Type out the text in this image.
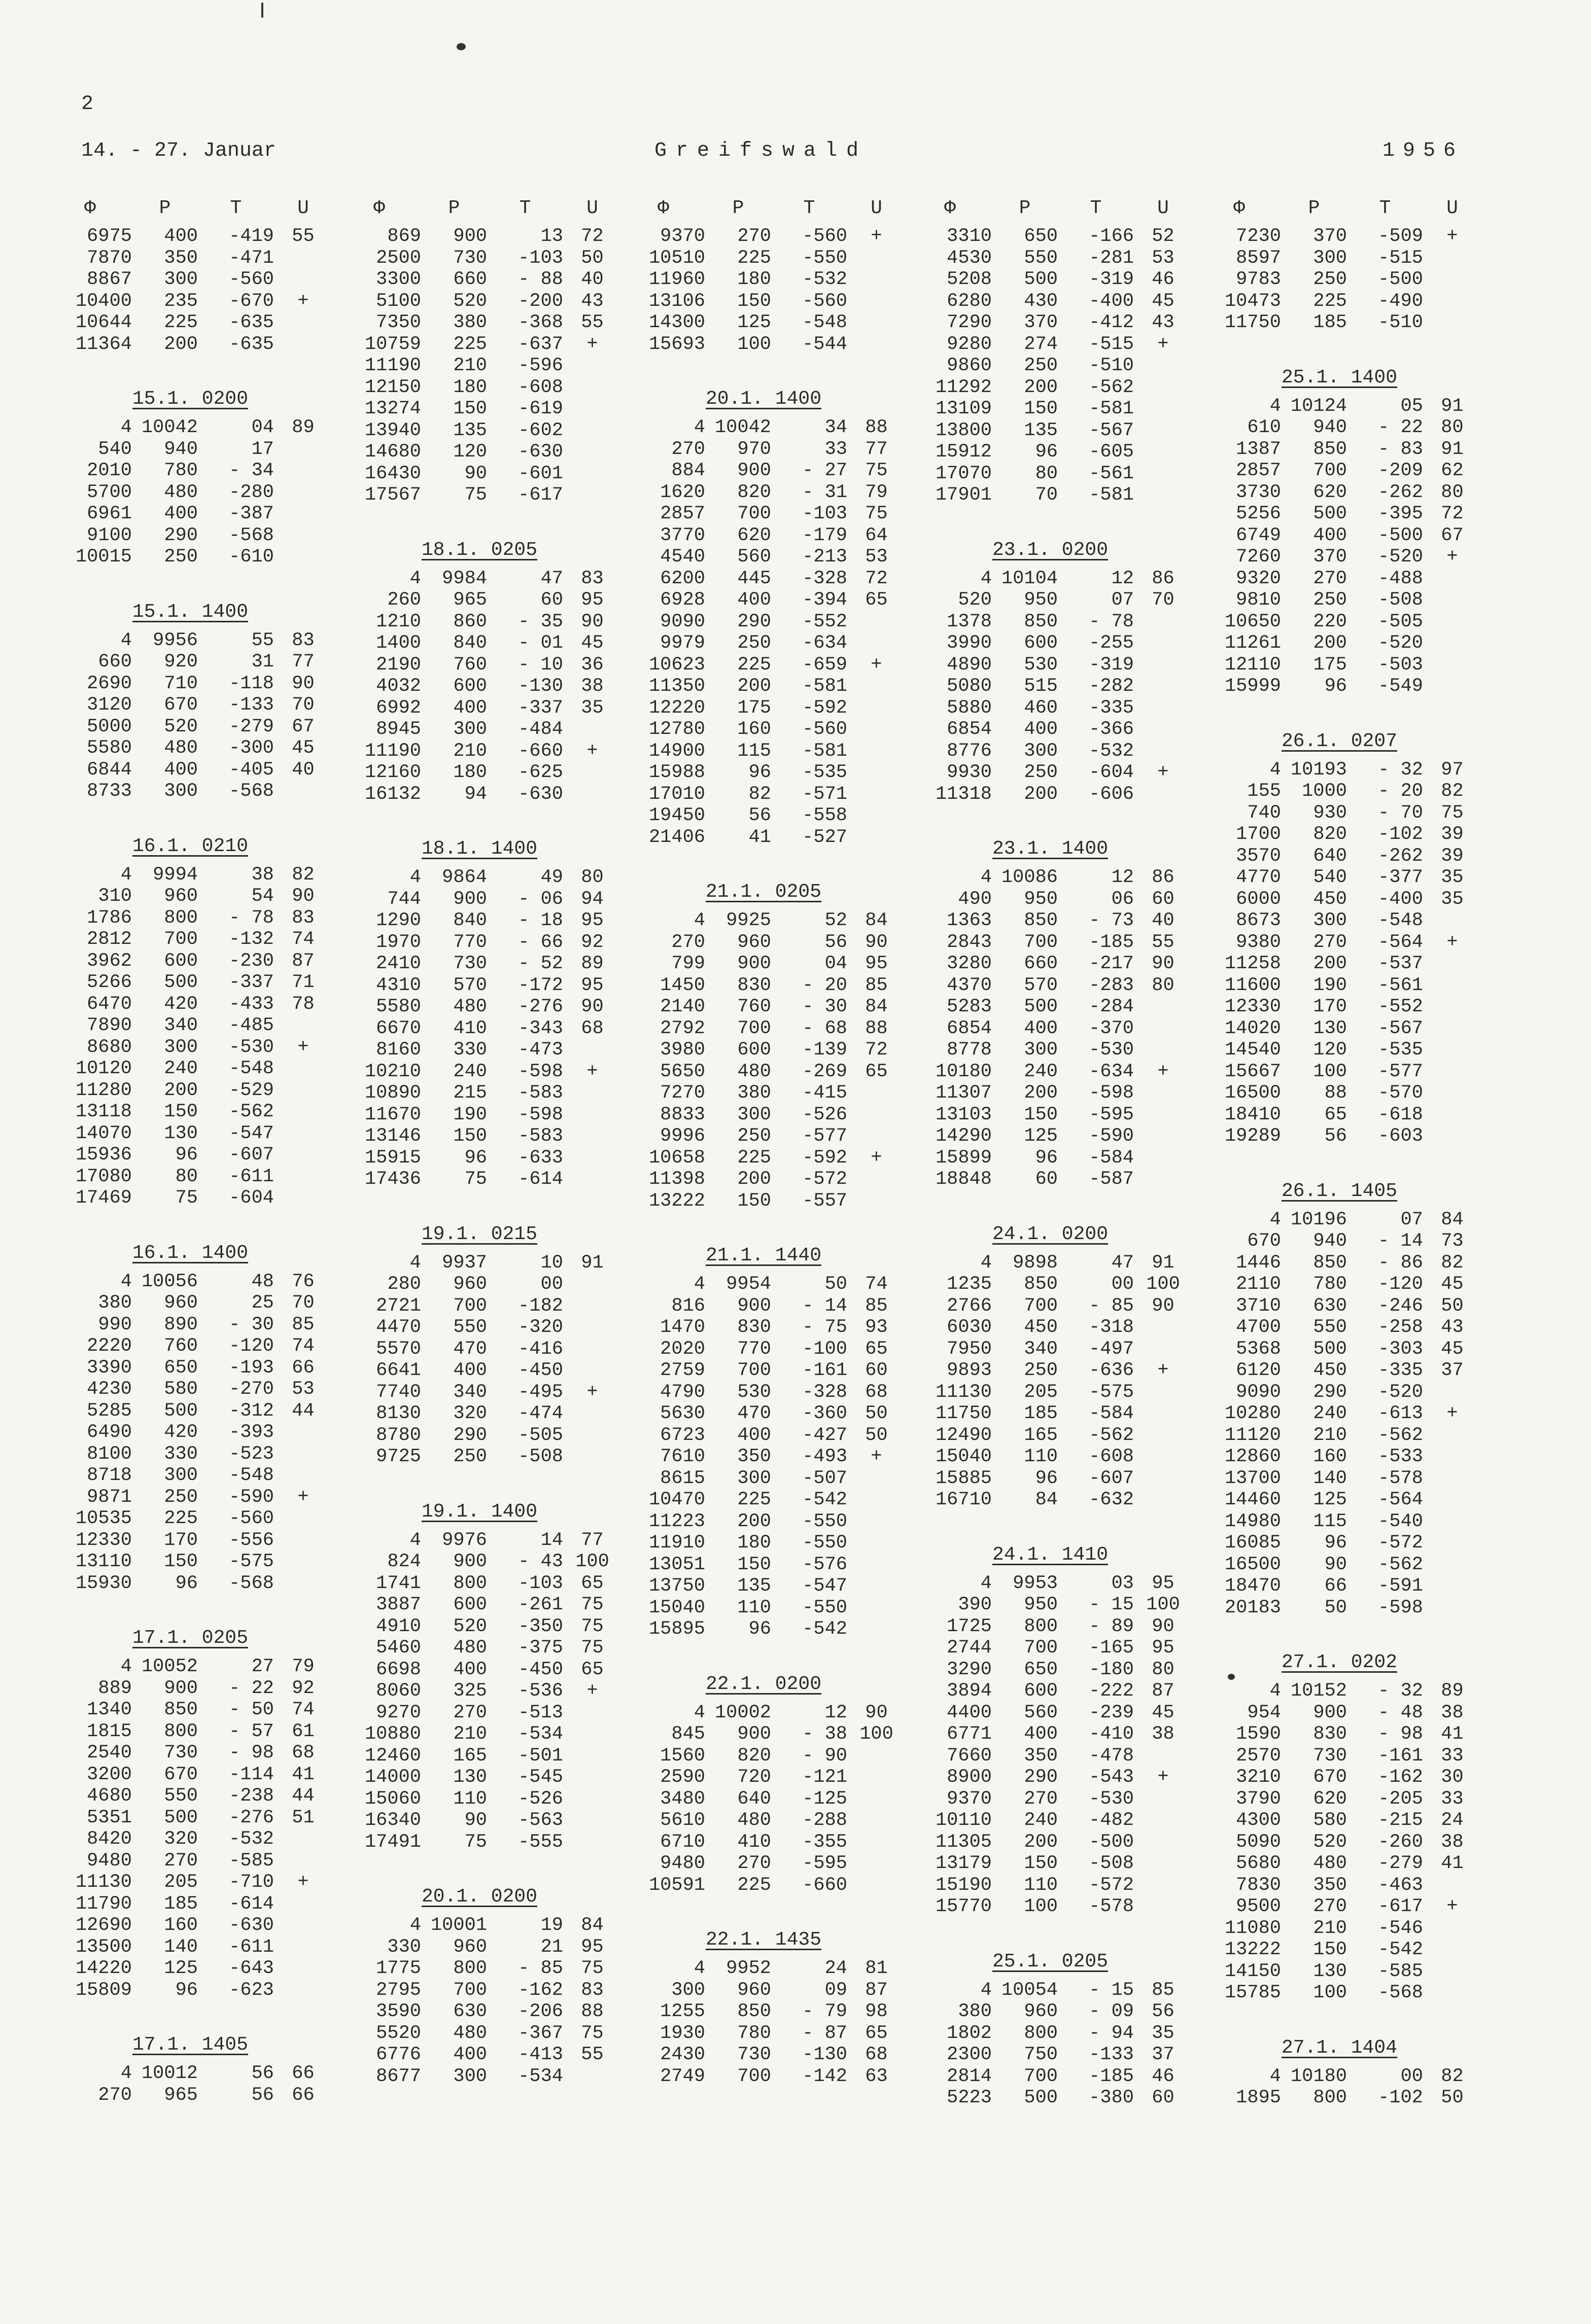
2
14. - 27. Januar	Greifswald	1956
Φ	P	T	U
6975	400	-419 55
7870	350	-471
8867	300	-560
10400	235	-670	+
10644	225	-635
11364	200	-635
15.1. 0200
4 10042	04 89
540	940	17
2010	780	- 34
5700	480	-280
6961	400	-387
9100	290	-568
10015	250	-610
15.1. 1400
4	9956	55 83
660	920	31 77
2690	710	-118 90
3120	670	-133 70
5000	520	-279 67
5580	480	-300 45
6844	400	-405 40
8733	300	-568
16.1. 0210
4	9994	38 82
310	960	54 90
1786	800	- 78 83
2812	700	-132 74
3962	600	-230 87
5266	500	-337 71
6470	420	-433 78
7890	340	-485
8680	300	-530	+
10120	240	-548
11280	200	-529
13118	150	-562
14070	130	-547
15936	96	-607
17080	80	-611
17469	75	-604
16.1. 1400
4 10056	48 76
380	960	25 70
990	890	- 30 85
2220	760	-120 74
3390	650	-193 66
4230	580	-270 53
5285	500	-312 44
6490	420	-393
8100	330	-523
8718	300	-548
9871	250	-590	+
10535	225	-560
12330	170	-556
13110	150	-575
15930	96	-568
17.1. 0205
4 10052	27 79
889	900	- 22 92
1340	850	- 50 74
1815	800	- 57 61
2540	730	- 98 68
3200	670	-114 41
4680	550	-238 44
5351	500	-276 51
8420	320	-532
9480	270	-585
11130	205	-710	+
11790	185	-614
12690	160	-630
13500	140	-611
14220	125	-643
15809	96	-623
17.1. 1405
4 10012	56 66
270	965	56 66
Φ	P	T	U
869	900	13 72
2500	730	-103 50
3300	660	- 88 40
5100	520	-200 43
7350	380	-368 55
10759	225	-637	+
11190	210	-596
12150	180	-608
13274	150	-619
13940	135	-602
14680	120	-630
16430	90	-601
17567	75	-617
18.1. 0205
4	9984	47 83
260	965	60 95
1210	860	- 35 90
1400	840	- 01 45
2190	760	- 10 36
4032	600	-130 38
6992	400	-337 35
8945	300	-484
11190	210	-660	+
12160	180	-625
16132	94	-630
18.1. 1400
4	9864	49 80
744	900	- 06 94
1290	840	- 18 95
1970	770	- 66 92
2410	730	- 52 89
4310	570	-172 95
5580	480	-276 90
6670	410	-343 68
8160	330	-473
10210	240	-598	+
10890	215	-583
11670	190	-598
13146	150	-583
15915	96	-633
17436	75	-614
19.1. 0215
4	9937	10 91
280	960	00
2721	700	-182
4470	550	-320
5570	470	-416
6641	400	-450
7740	340	-495	+
8130	320	-474
8780	290	-505
9725	250	-508
19.1. 1400
4	9976	14 77
824	900	- 43 100
1741	800	-103 65
3887	600	-261 75
4910	520	-350 75
5460	480	-375 75
6698	400	-450 65
8060	325	-536	+
9270	270	-513
10880	210	-534
12460	165	-501
14000	130	-545
15060	110	-526
16340	90	-563
17491	75	-555
20.1. 0200
4 10001	19 84
330	960	21 95
1775	800	- 85 75
2795	700	-162 83
3590	630	-206 88
5520	480	-367 75
6776	400	-413 55
8677	300	-534
Φ	P	T	U
9370	270	-560	+
10510	225	-550
11960	180	-532
13106	150	-560
14300	125	-548
15693	100	-544
20.1. 1400
4 10042	34 88
270	970	33 77
884	900	- 27 75
1620	820	- 31 79
2857	700	-103 75
3770	620	-179 64
4540	560	-213 53
6200	445	-328 72
6928	400	-394 65
9090	290	-552
9979	250	-634
10623	225	-659	+
11350	200	-581
12220	175	-592
12780	160	-560
14900	115	-581
15988	96	-535
17010	82	-571
19450	56	-558
21406	41	-527
21.1. 0205
4	9925	52 84
270	960	56 90
799	900	04 95
1450	830	- 20 85
2140	760	- 30 84
2792	700	- 68 88
3980	600	-139 72
5650	480	-269 65
7270	380	-415
8833	300	-526
9996	250	-577
10658	225	-592	+
11398	200	-572
13222	150	-557
21.1. 1440
4	9954	50 74
816	900	- 14 85
1470	830	- 75 93
2020	770	-100 65
2759	700	-161 60
4790	530	-328 68
5630	470	-360 50
6723	400	-427 50
7610	350	-493	+
8615	300	-507
10470	225	-542
11223	200	-550
11910	180	-550
13051	150	-576
13750	135	-547
15040	110	-550
15895	96	-542
22.1. 0200
4 10002	12 90
845	900	- 38 100
1560	820	- 90
2590	720	-121
3480	640	-125
5610	480	-288
6710	410	-355
9480	270	-595
10591	225	-660
22.1. 1435
4	9952	24 81
300	960	09 87
1255	850	- 79 98
1930	780	- 87 65
2430	730	-130 68
2749	700	-142 63
Φ	P	T	U
3310	650	-166 52
4530	550	-281 53
5208	500	-319 46
6280	430	-400 45
7290	370	-412 43
9280	274	-515	+
9860	250	-510
11292	200	-562
13109	150	-581
13800	135	-567
15912	96	-605
17070	80	-561
17901	70	-581
23.1. 0200
4 10104	12 86
520	950	07 70
1378	850	- 78
3990	600	-255
4890	530	-319
5080	515	-282
5880	460	-335
6854	400	-366
8776	300	-532
9930	250	-604	+
11318	200	-606
23.1. 1400
4 10086	12 86
490	950	06 60
1363	850	- 73 40
2843	700	-185 55
3280	660	-217 90
4370	570	-283 80
5283	500	-284
6854	400	-370
8778	300	-530
10180	240	-634	+
11307	200	-598
13103	150	-595
14290	125	-590
15899	96	-584
18848	60	-587
24.1. 0200
4	9898	47 91
1235	850	00 100
2766	700	- 85 90
6030	450	-318
7950	340	-497
9893	250	-636	+
11130	205	-575
11750	185	-584
12490	165	-562
15040	110	-608
15885	96	-607
16710	84	-632
24.1. 1410
4	9953	03 95
390	950	- 15 100
1725	800	- 89 90
2744	700	-165 95
3290	650	-180 80
3894	600	-222 87
4400	560	-239 45
6771	400	-410 38
7660	350	-478
8900	290	-543	+
9370	270	-530
10110	240	-482
11305	200	-500
13179	150	-508
15190	110	-572
15770	100	-578
25.1. 0205
4 10054	- 15 85
380	960	- 09 56
1802	800	- 94 35
2300	750	-133 37
2814	700	-185 46
5223	500	-380 60
Φ	P	T	U
7230	370	-509	+
8597	300	-515
9783	250	-500
10473	225	-490
11750	185	-510
25.1. 1400
4 10124	05 91
610	940	- 22 80
1387	850	- 83 91
2857	700	-209 62
3730	620	-262 80
5256	500	-395 72
6749	400	-500 67
7260	370	-520	+
9320	270	-488
9810	250	-508
10650	220	-505
11261	200	-520
12110	175	-503
15999	96	-549
26.1. 0207
4 10193	- 32 97
155	1000	- 20 82
740	930	- 70 75
1700	820	-102 39
3570	640	-262 39
4770	540	-377 35
6000	450	-400 35
8673	300	-548
9380	270	-564	+
11258	200	-537
11600	190	-561
12330	170	-552
14020	130	-567
14540	120	-535
15667	100	-577
16500	88	-570
18410	65	-618
19289	56	-603
26.1. 1405
4 10196	07 84
670	940	- 14 73
1446	850	- 86 82
2110	780	-120 45
3710	630	-246 50
4700	550	-258 43
5368	500	-303 45
6120	450	-335 37
9090	290	-520
10280	240	-613	+
11120	210	-562
12860	160	-533
13700	140	-578
14460	125	-564
14980	115	-540
16085	96	-572
16500	90	-562
18470	66	-591
20183	50	-598
27.1. 0202
4 10152	- 32 89
954	900	- 48 38
1590	830	- 98 41
2570	730	-161 33
3210	670	-162 30
3790	620	-205 33
4300	580	-215 24
5090	520	-260 38
5680	480	-279 41
7830	350	-463
9500	270	-617	+
11080	210	-546
13222	150	-542
14150	130	-585
15785	100	-568
27.1. 1404
4 10180	00 82
1895	800	-102 50
